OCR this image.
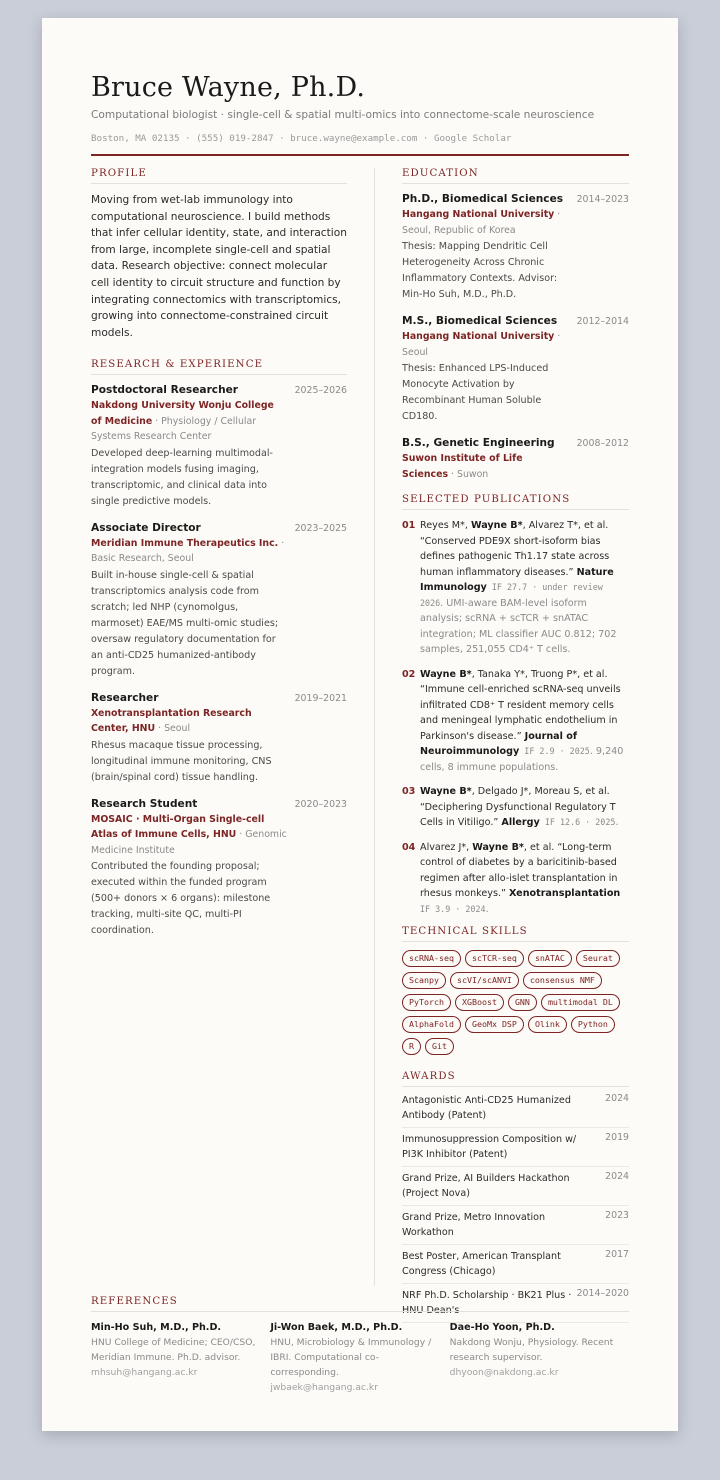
Bruce Wayne, Ph.D.
Computational biologist · single-cell & spatial multi-omics into connectome-scale neuroscience
Boston, MA 02135 · (555) 019-2847 · bruce.wayne@example.com · Google Scholar
PROFILE

Moving from wet-lab immunology into computational neuroscience. I build methods that infer cellular identity, state, and interaction from large, incomplete single-cell and spatial data. Research objective: connect molecular cell identity to circuit structure and function by integrating connectomics with transcriptomics, growing into connectome-constrained circuit models.

RESEARCH & EXPERIENCE
Postdoctoral Researcher	2025–2026
Nakdong University Wonju College of Medicine · Physiology / Cellular Systems Research Center
Developed deep-learning multimodal-integration models fusing imaging, transcriptomic, and clinical data into single predictive models.
Associate Director	2023–2025
Meridian Immune Therapeutics Inc. · Basic Research, Seoul
Built in-house single-cell & spatial transcriptomics analysis code from scratch; led NHP (cynomolgus, marmoset) EAE/MS multi-omic studies; oversaw regulatory documentation for an anti-CD25 humanized-antibody program.
Researcher	2019–2021
Xenotransplantation Research Center, HNU · Seoul
Rhesus macaque tissue processing, longitudinal immune monitoring, CNS (brain/spinal cord) tissue handling.
Research Student	2020–2023
MOSAIC · Multi-Organ Single-cell Atlas of Immune Cells, HNU · Genomic Medicine Institute
Contributed the founding proposal; executed within the funded program (500+ donors × 6 organs): milestone tracking, multi-site QC, multi-PI coordination.
EDUCATION
Ph.D., Biomedical Sciences 2014–2023
Hangang National University · Seoul, Republic of Korea
Thesis: Mapping Dendritic Cell Heterogeneity Across Chronic Inflammatory Contexts. Advisor: Min-Ho Suh, M.D., Ph.D.
M.S., Biomedical Sciences 2012–2014
Hangang National University · Seoul
Thesis: Enhanced LPS-Induced Monocyte Activation by Recombinant Human Soluble CD180.
B.S., Genetic Engineering 2008–2012
Suwon Institute of Life Sciences · Suwon
SELECTED PUBLICATIONS
01 Reyes M*, Wayne B*, Alvarez T*, et al. “Conserved PDE9X short-isoform bias defines pathogenic Th1.17 state across human inflammatory diseases.” Nature Immunology IF 27.7 · under review 2026. UMI-aware BAM-level isoform analysis; scRNA + scTCR + snATAC integration; ML classifier AUC 0.812; 702 samples, 251,055 CD4⁺ T cells.
02 Wayne B*, Tanaka Y*, Truong P*, et al. “Immune cell-enriched scRNA-seq unveils infiltrated CD8⁺ T resident memory cells and meningeal lymphatic endothelium in Parkinson's disease.” Journal of Neuroimmunology IF 2.9 · 2025. 9,240 cells, 8 immune populations.
03 Wayne B*, Delgado J*, Moreau S, et al. “Deciphering Dysfunctional Regulatory T Cells in Vitiligo.” Allergy IF 12.6 · 2025.
04 Alvarez J*, Wayne B*, et al. “Long-term control of diabetes by a baricitinib-based regimen after allo-islet transplantation in rhesus monkeys.” Xenotransplantation IF 3.9 · 2024.
TECHNICAL SKILLS
scRNA-seq	scTCR-seq	snATAC	Seurat
Scanpy	scVI/scANVI	consensus NMF
PyTorch	XGBoost	GNN	multimodal DL
AlphaFold	GeoMx DSP	Olink	Python
R	Git
AWARDS
Antagonistic Anti-CD25 Humanized Antibody (Patent)
2024
Immunosuppression Composition w/ PI3K Inhibitor (Patent)
2019
Grand Prize, AI Builders Hackathon (Project Nova)
2024
Grand Prize, Metro Innovation Workathon
2023
Best Poster, American Transplant Congress (Chicago)
2017
NRF Ph.D. Scholarship · BK21 Plus · HNU Dean's
2014–2020
REFERENCES
Min-Ho Suh, M.D., Ph.D.
HNU College of Medicine; CEO/CSO, Meridian Immune. Ph.D. advisor.
mhsuh@hangang.ac.kr
Ji-Won Baek, M.D., Ph.D.
HNU, Microbiology & Immunology / IBRI. Computational co-corresponding.
jwbaek@hangang.ac.kr
Dae-Ho Yoon, Ph.D.
Nakdong Wonju, Physiology. Recent research supervisor.
dhyoon@nakdong.ac.kr
